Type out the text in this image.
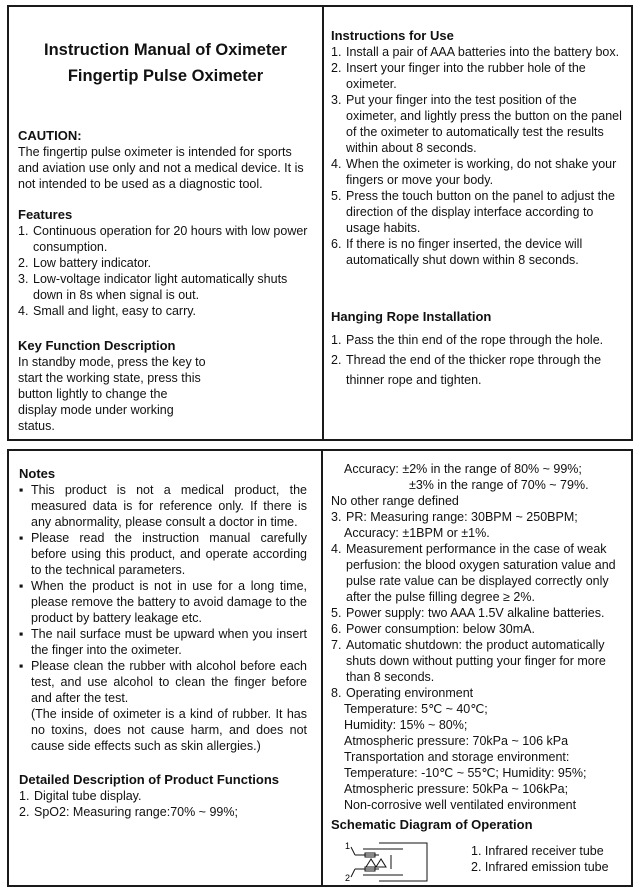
Instruction Manual of Oximeter
Fingertip Pulse Oximeter
CAUTION:
The fingertip pulse oximeter is intended for sports and aviation use only and not a medical device. It is not intended to be used as a diagnostic tool.
Features
1. Continuous operation for 20 hours with low power consumption.
2. Low battery indicator.
3. Low-voltage indicator light automatically shuts down in 8s when signal is out.
4. Small and light, easy to carry.
Key Function Description
In standby mode, press the key to start the working state, press this button lightly to change the display mode under working status.
Instructions for Use
1. Install a pair of AAA batteries into the battery box.
2. Insert your finger into the rubber hole of the oximeter.
3. Put your finger into the test position of the oximeter, and lightly press the button on the panel of the oximeter to automatically test the results within about 8 seconds.
4. When the oximeter is working, do not shake your fingers or move your body.
5. Press the touch button on the panel to adjust the direction of the display interface according to usage habits.
6. If there is no finger inserted, the device will automatically shut down within 8 seconds.
Hanging Rope Installation
1. Pass the thin end of the rope through the hole.
2. Thread the end of the thicker rope through the thinner rope and tighten.
Notes
▪ This product is not a medical product, the measured data is for reference only. If there is any abnormality, please consult a doctor in time.
▪ Please read the instruction manual carefully before using this product, and operate according to the technical parameters.
▪ When the product is not in use for a long time, please remove the battery to avoid damage to the product by battery leakage etc.
▪ The nail surface must be upward when you insert the finger into the oximeter.
▪ Please clean the rubber with alcohol before each test, and use alcohol to clean the finger before and after the test.
(The inside of oximeter is a kind of rubber. It has no toxins, does not cause harm, and does not cause side effects such as skin allergies.)
Detailed Description of Product Functions
1. Digital tube display.
2. SpO2: Measuring range:70% ~ 99%;
Accuracy: ±2% in the range of 80% ~ 99%;
±3% in the range of 70% ~ 79%.
No other range defined
3. PR: Measuring range: 30BPM ~ 250BPM;
Accuracy: ±1BPM or ±1%.
4. Measurement performance in the case of weak perfusion: the blood oxygen saturation value and pulse rate value can be displayed correctly only after the pulse filling degree ≥ 2%.
5. Power supply: two AAA 1.5V alkaline batteries.
6. Power consumption: below 30mA.
7. Automatic shutdown: the product automatically shuts down without putting your finger for more than 8 seconds.
8. Operating environment
Temperature: 5℃ ~ 40℃;
Humidity: 15% ~ 80%;
Atmospheric pressure: 70kPa ~ 106 kPa
Transportation and storage environment:
Temperature: -10℃ ~ 55℃; Humidity: 95%;
Atmospheric pressure: 50kPa ~ 106kPa;
Non-corrosive well ventilated environment
Schematic Diagram of Operation
1
2
1. Infrared receiver tube
2. Infrared emission tube
